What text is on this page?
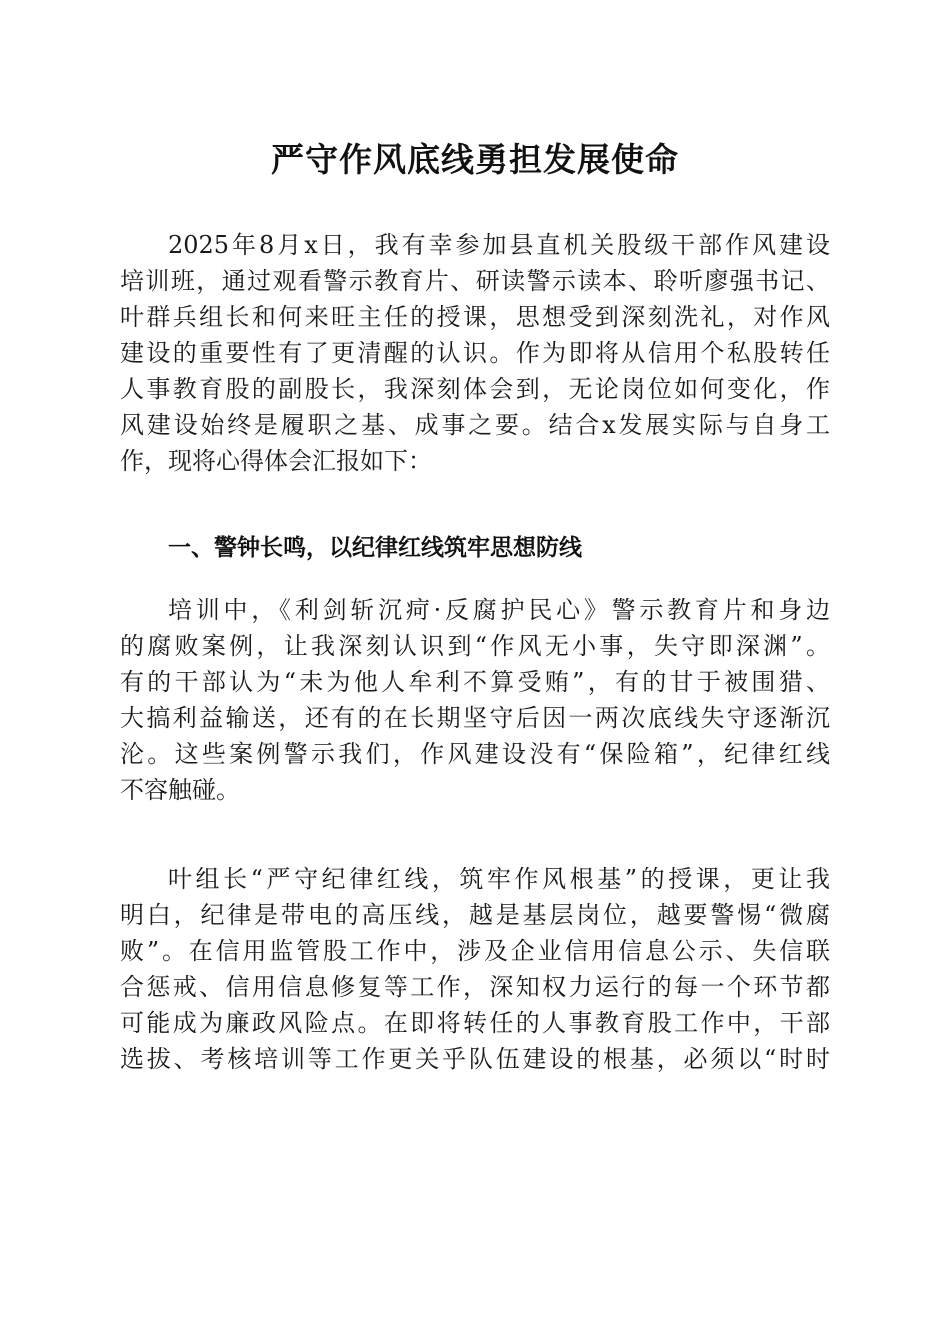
严守作风底线勇担发展使命
2025年8月x日，我有幸参加县直机关股级干部作风建设
培训班，通过观看警示教育片、研读警示读本、聆听廖强书记、
叶群兵组长和何来旺主任的授课，思想受到深刻洗礼，对作风
建设的重要性有了更清醒的认识。作为即将从信用个私股转任
人事教育股的副股长，我深刻体会到，无论岗位如何变化，作
风建设始终是履职之基、成事之要。结合x发展实际与自身工
作，现将心得体会汇报如下：
一、警钟长鸣，以纪律红线筑牢思想防线
培训中，《利剑斩沉疴·反腐护民心》警示教育片和身边
的腐败案例，让我深刻认识到“作风无小事，失守即深渊”。
有的干部认为“未为他人牟利不算受贿”，有的甘于被围猎、
大搞利益输送，还有的在长期坚守后因一两次底线失守逐渐沉
沦。这些案例警示我们，作风建设没有“保险箱”，纪律红线
不容触碰。
叶组长“严守纪律红线，筑牢作风根基”的授课，更让我
明白，纪律是带电的高压线，越是基层岗位，越要警惕“微腐
败”。在信用监管股工作中，涉及企业信用信息公示、失信联
合惩戒、信用信息修复等工作，深知权力运行的每一个环节都
可能成为廉政风险点。在即将转任的人事教育股工作中，干部
选拔、考核培训等工作更关乎队伍建设的根基，必须以“时时
